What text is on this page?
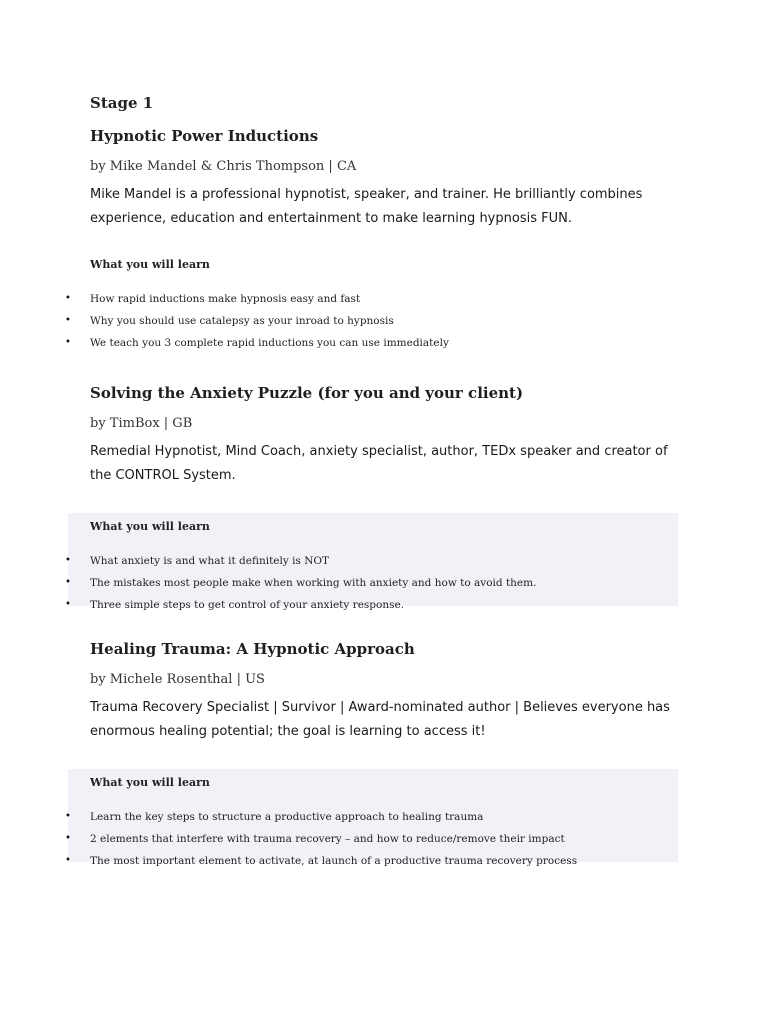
Stage 1
Hypnotic Power Inductions
by Mike Mandel & Chris Thompson | CA
Mike Mandel is a professional hypnotist, speaker, and trainer. He brilliantly combines experience, education and entertainment to make learning hypnosis FUN.
What you will learn
• How rapid inductions make hypnosis easy and fast
• Why you should use catalepsy as your inroad to hypnosis
• We teach you 3 complete rapid inductions you can use immediately
Solving the Anxiety Puzzle (for you and your client)
by TimBox | GB
Remedial Hypnotist, Mind Coach, anxiety specialist, author, TEDx speaker and creator of the CONTROL System.
What you will learn
• What anxiety is and what it definitely is NOT
• The mistakes most people make when working with anxiety and how to avoid them.
• Three simple steps to get control of your anxiety response.
Healing Trauma: A Hypnotic Approach
by Michele Rosenthal | US
Trauma Recovery Specialist | Survivor | Award-nominated author | Believes everyone has enormous healing potential; the goal is learning to access it!
What you will learn
• Learn the key steps to structure a productive approach to healing trauma
• 2 elements that interfere with trauma recovery – and how to reduce/remove their impact
• The most important element to activate, at launch of a productive trauma recovery process
